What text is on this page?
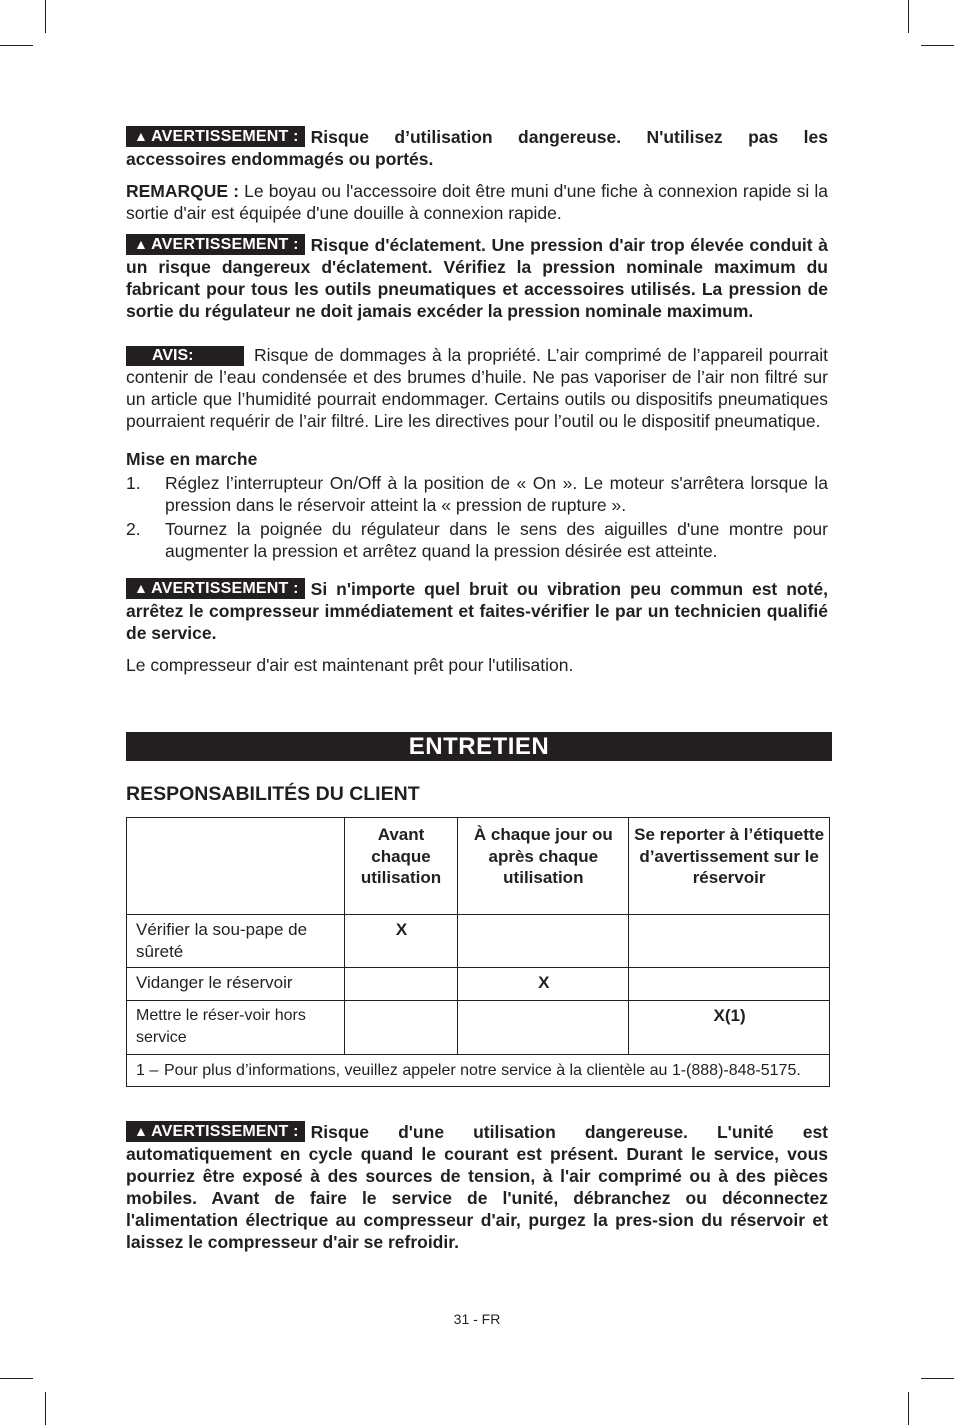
▲ AVERTISSEMENT : Risque d’utilisation dangereuse. N'utilisez pas les accessoires endommagés ou portés.

REMARQUE : Le boyau ou l'accessoire doit être muni d'une fiche à connexion rapide si la sortie d'air est équipée d'une douille à connexion rapide.

▲ AVERTISSEMENT : Risque d'éclatement. Une pression d'air trop élevée conduit à un risque dangereux d'éclatement. Vérifiez la pression nominale maximum du fabricant pour tous les outils pneumatiques et accessoires utilisés. La pression de sortie du régulateur ne doit jamais excéder la pression nominale maximum.

AVIS:	Risque de dommages à la propriété. L’air comprimé de l’appareil pourrait contenir de l’eau condensée et des brumes d’huile. Ne pas vaporiser de l’air non filtré sur un article que l’humidité pourrait endommager. Certains outils ou dispositifs pneumatiques pourraient requérir de l’air filtré. Lire les directives pour l’outil ou le dispositif pneumatique.

Mise en marche

1.	Réglez l’interrupteur On/Off à la position de « On ». Le moteur s'arrêtera lorsque la pression dans le réservoir atteint la « pression de rupture ».
2.	Tournez la poignée du régulateur dans le sens des aiguilles d'une montre pour augmenter la pression et arrêtez quand la pression désirée est atteinte.

▲ AVERTISSEMENT : Si n'importe quel bruit ou vibration peu commun est noté, arrêtez le compresseur immédiatement et faites-vérifier le par un technicien qualifié de service.

Le compresseur d'air est maintenant prêt pour l'utilisation.

ENTRETIEN
RESPONSABILITÉS DU CLIENT
	Avant chaque utilisation	À chaque jour ou après chaque utilisation	Se reporter à l’étiquette d’avertissement sur le réservoir
Vérifier la sou-pape de sûreté	X		
Vidanger le réservoir		X	
Mettre le réser-voir hors service			X(1)

1 – Pour plus d’informations, veuillez appeler notre service à la clientèle au 1-(888)-848-5175.			
▲ AVERTISSEMENT : Risque d'une utilisation dangereuse. L'unité est automatiquement en cycle quand le courant est présent. Durant le service, vous pourriez être exposé à des sources de tension, à l'air comprimé ou à des pièces mobiles. Avant de faire le service de l'unité, débranchez ou déconnectez l'alimentation électrique au compresseur d'air, purgez la pres-sion du réservoir et laissez le compresseur d'air se refroidir.
31 - FR
